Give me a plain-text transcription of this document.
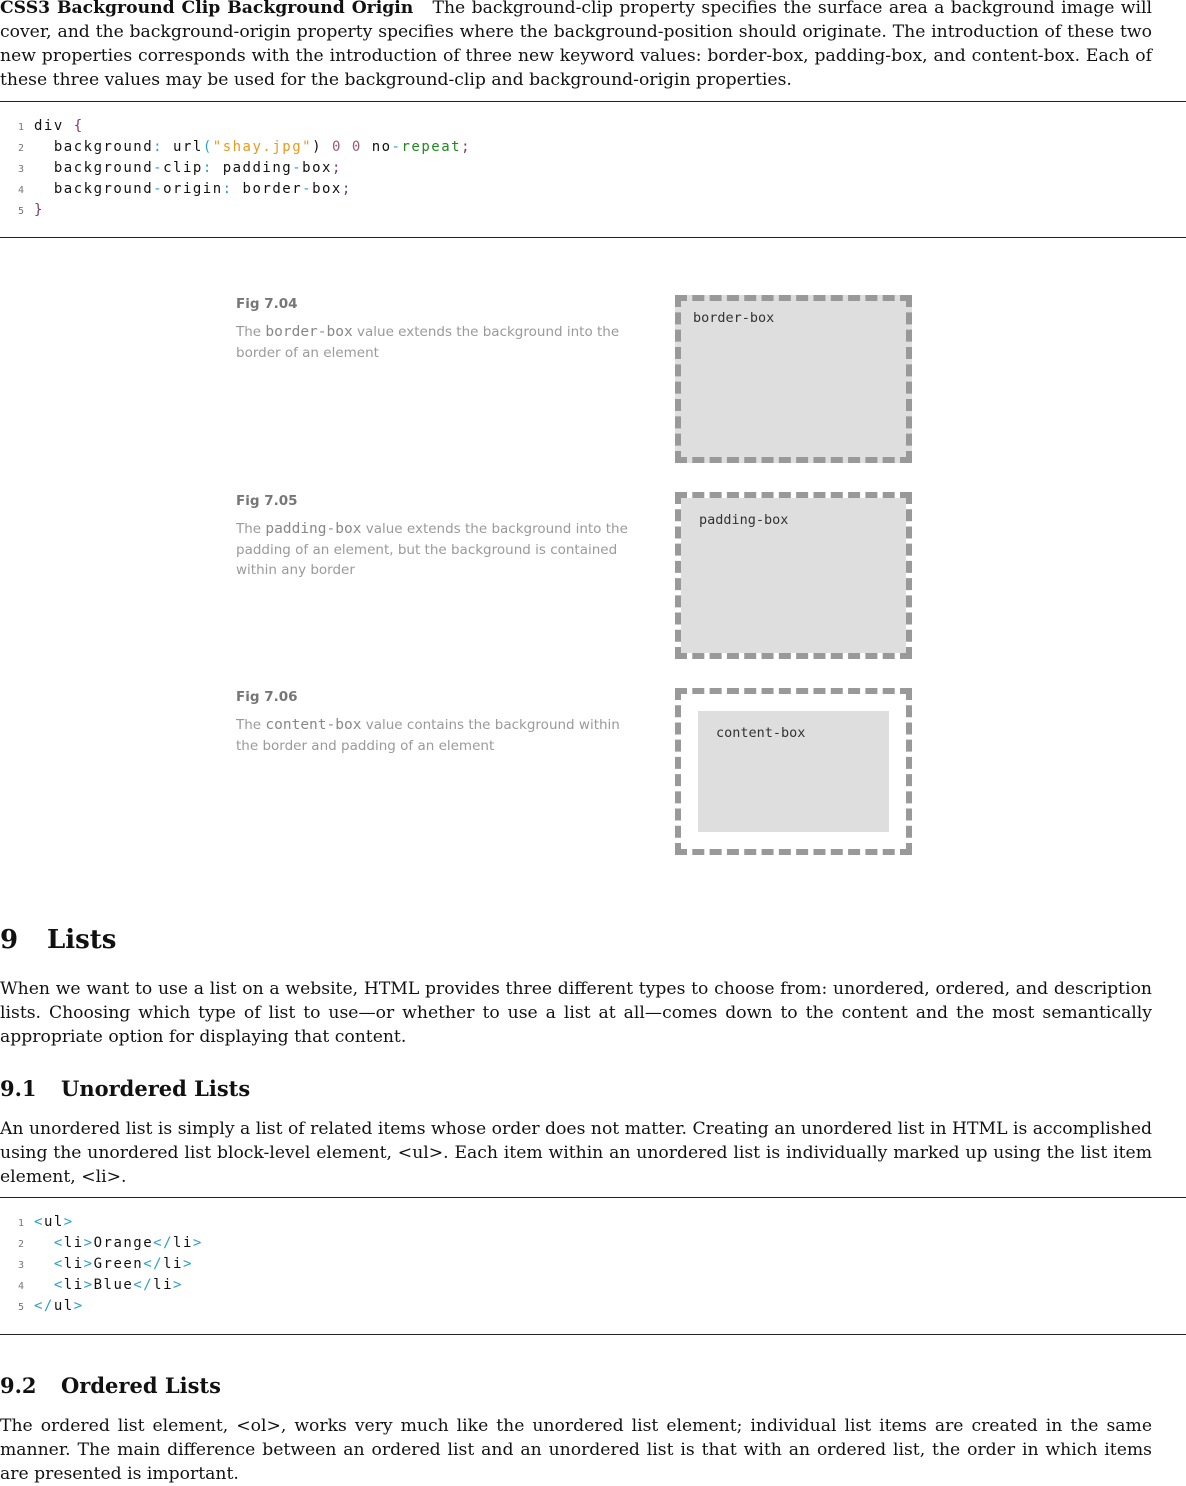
CSS3 Background Clip Background Origin The background-clip property specifies the surface area a background image will cover, and the background-origin property specifies where the background-position should originate. The introduction of these two new properties corresponds with the introduction of three new keyword values: border-box, padding-box, and content-box. Each of these three values may be used for the background-clip and background-origin properties.

1 div {
2 background: url("shay.jpg") 0 0 no-repeat;
3 background-clip: padding-box;
4 background-origin: border-box;
5 }

Fig 7.04

The border-box value extends the background into the border of an element

border-box

Fig 7.05

The padding-box value extends the background into the padding of an element, but the background is contained within any border

padding-box

Fig 7.06

The content-box value contains the background within the border and padding of an element

content-box
9 Lists

When we want to use a list on a website, HTML provides three different types to choose from: unordered, ordered, and description lists. Choosing which type of list to use—or whether to use a list at all—comes down to the content and the most semantically appropriate option for displaying that content.

9.1 Unordered Lists

An unordered list is simply a list of related items whose order does not matter. Creating an unordered list in HTML is accomplished using the unordered list block-level element, <ul>. Each item within an unordered list is individually marked up using the list item element, <li>.

1 <ul>
2 <li>Orange</li>
3 <li>Green</li>
4 <li>Blue</li>
5 </ul>
9.2 Ordered Lists

The ordered list element, <ol>, works very much like the unordered list element; individual list items are created in the same manner. The main difference between an ordered list and an unordered list is that with an ordered list, the order in which items are presented is important.
